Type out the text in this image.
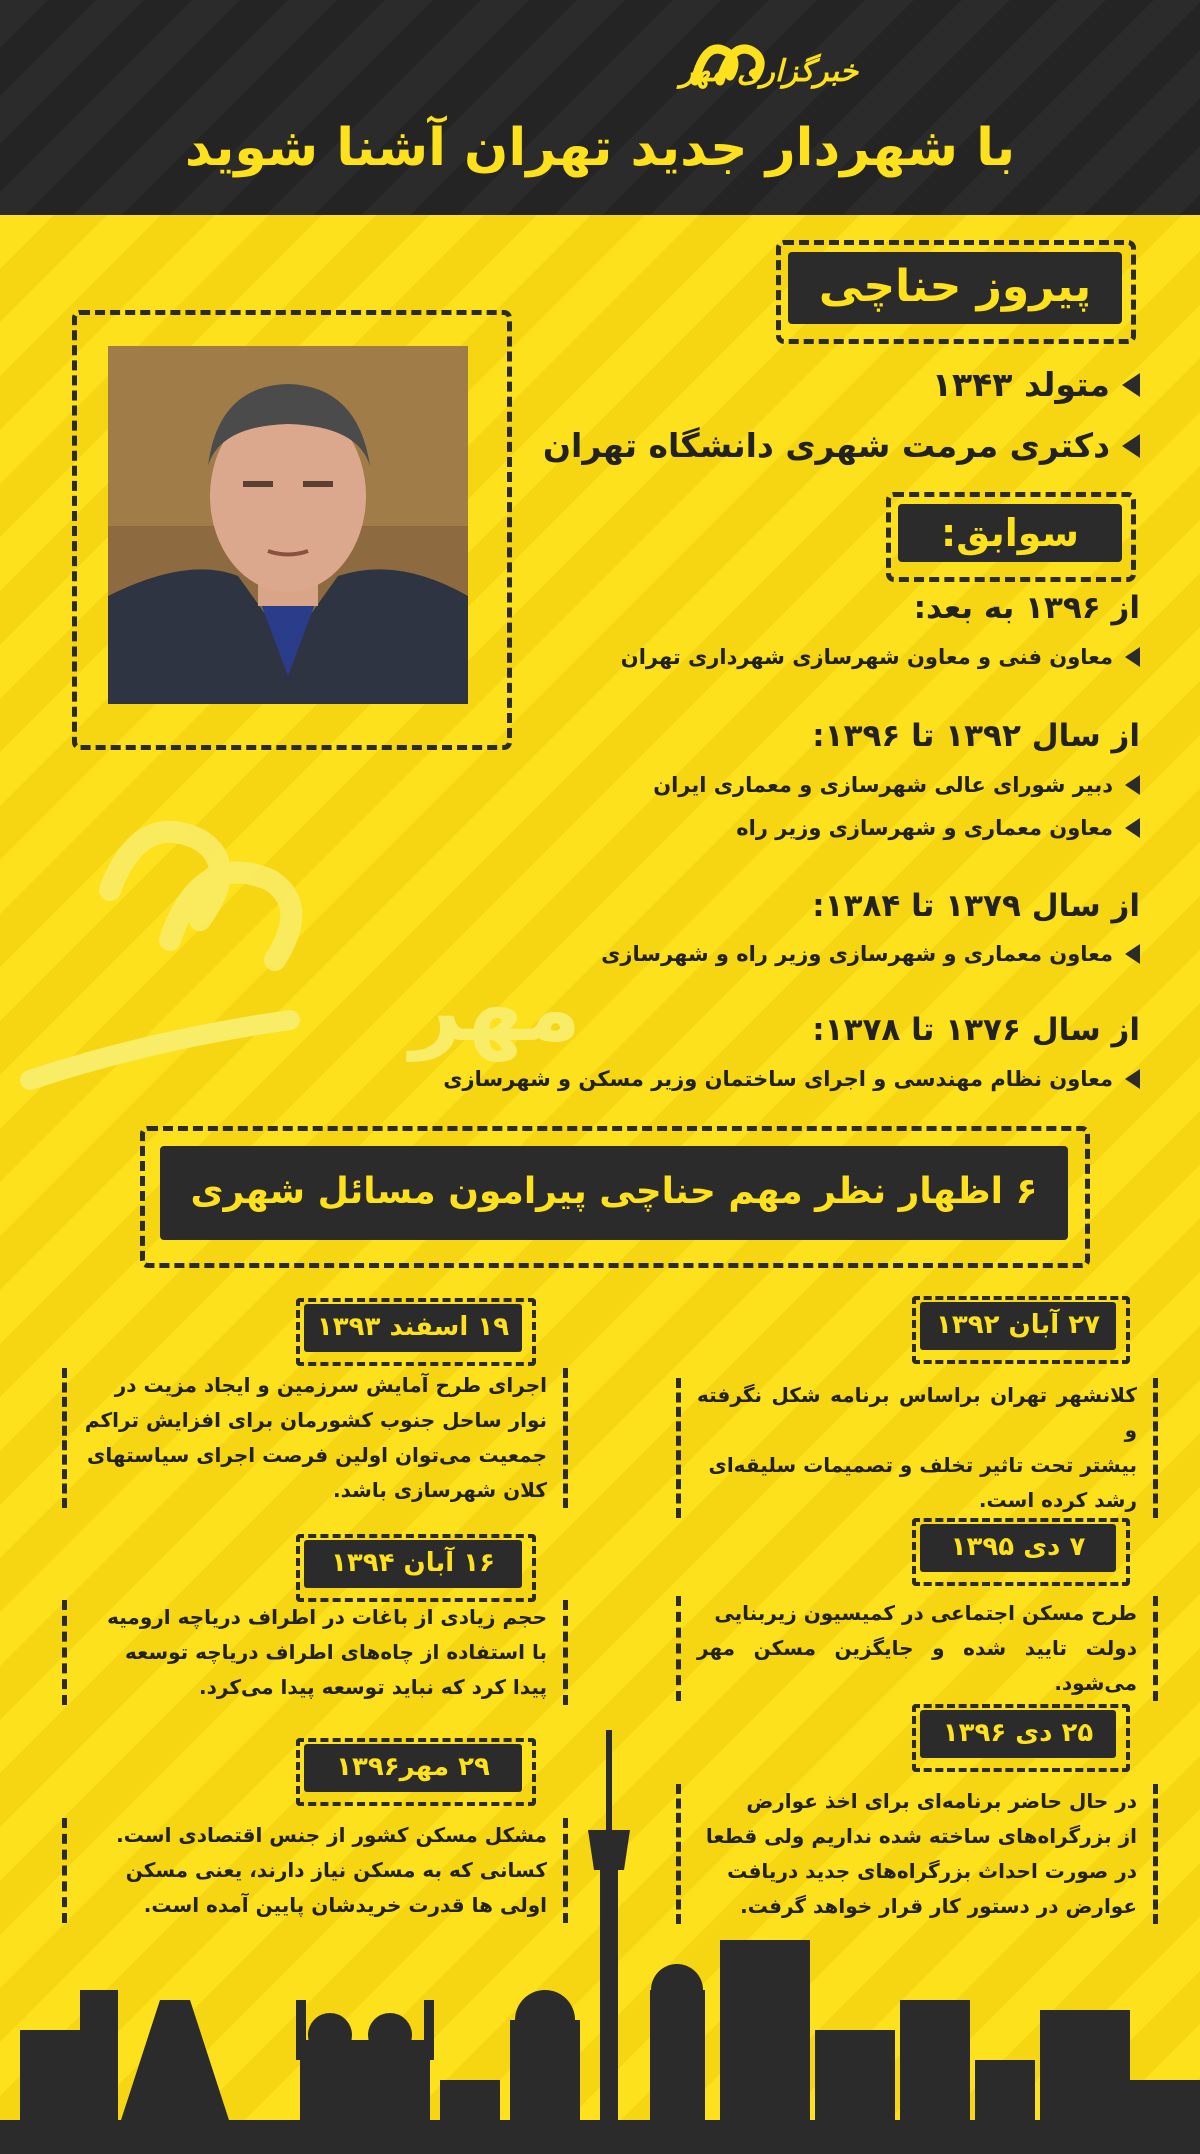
خبرگزاری مهر
با شهردار جدید تهران آشنا شوید
پیروز حناچی
متولد ۱۳۴۳
دکتری مرمت شهری دانشگاه تهران
سوابق:
مهر
از ۱۳۹۶ به بعد:
معاون فنی و معاون شهرسازی شهرداری تهران
از سال ۱۳۹۲ تا ۱۳۹۶:
دبیر شورای عالی شهرسازی و معماری ایران
معاون معماری و شهرسازی وزیر راه
از سال ۱۳۷۹ تا ۱۳۸۴:
معاون معماری و شهرسازی وزیر راه و شهرسازی
از سال ۱۳۷۶ تا ۱۳۷۸:
معاون نظام مهندسی و اجرای ساختمان وزیر مسکن و شهرسازی
۶ اظهار نظر مهم حناچی پیرامون مسائل شهری
۲۷ آبان ۱۳۹۲
کلانشهر تهران براساس برنامه شکل نگرفته و
بیشتر تحت تاثیر تخلف و تصمیمات سلیقه‌ای
رشد کرده است.
۷ دی ۱۳۹۵
طرح مسکن اجتماعی در کمیسیون زیربنایی
دولت تایید شده و جایگزین مسکن مهر می‌شود.
۲۵ دی ۱۳۹۶
در حال حاضر برنامه‌ای برای اخذ عوارض
از بزرگراه‌های ساخته شده نداریم ولی قطعا
در صورت احداث بزرگراه‌های جدید دریافت
عوارض در دستور کار قرار خواهد گرفت.
۱۹ اسفند ۱۳۹۳
اجرای طرح آمایش سرزمین و ایجاد مزیت در
نوار ساحل جنوب کشورمان برای افزایش تراکم
جمعیت می‌توان اولین فرصت اجرای سیاستهای
کلان شهرسازی باشد.
۱۶ آبان ۱۳۹۴
حجم زیادی از باغات در اطراف دریاچه ارومیه
با استفاده از چاه‌های اطراف دریاچه توسعه
پیدا کرد که نباید توسعه پیدا می‌کرد.
۲۹ مهر۱۳۹۶
مشکل مسکن کشور از جنس اقتصادی است.
کسانی که به مسکن نیاز دارند، یعنی مسکن
اولی ها قدرت خریدشان پایین آمده است.
